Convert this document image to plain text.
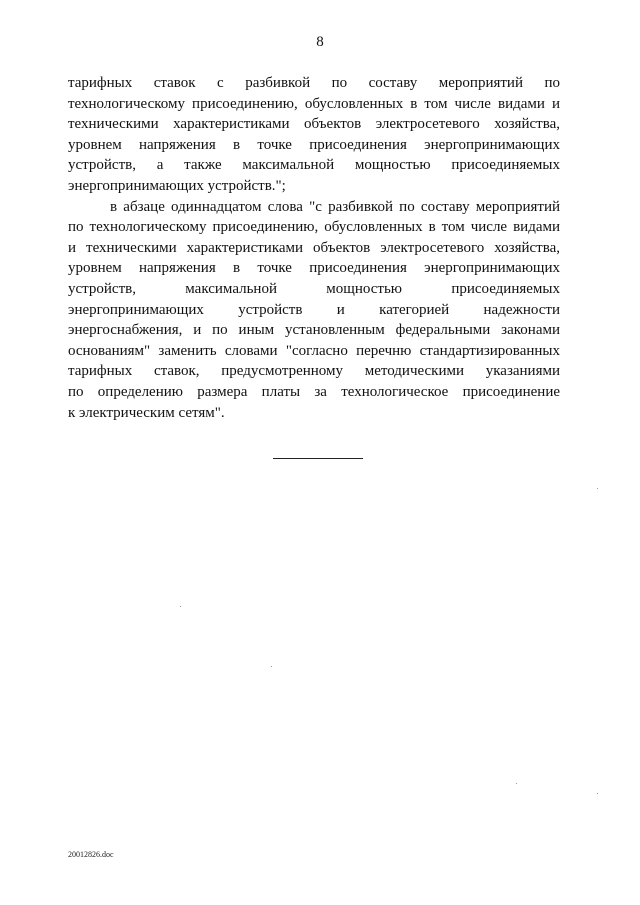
8
тарифных ставок с разбивкой по составу мероприятий по
технологическому присоединению, обусловленных в том числе видами и
техническими характеристиками объектов электросетевого хозяйства,
уровнем напряжения в точке присоединения энергопринимающих
устройств, а также максимальной мощностью присоединяемых
энергопринимающих устройств.";
в абзаце одиннадцатом слова "с разбивкой по составу мероприятий
по технологическому присоединению, обусловленных в том числе видами
и техническими характеристиками объектов электросетевого хозяйства,
уровнем напряжения в точке присоединения энергопринимающих
устройств, максимальной мощностью присоединяемых
энергопринимающих устройств и категорией надежности
энергоснабжения, и по иным установленным федеральными законами
основаниям" заменить словами "согласно перечню стандартизированных
тарифных ставок, предусмотренному методическими указаниями
по определению размера платы за технологическое присоединение
к электрическим сетям".
20012826.doc
